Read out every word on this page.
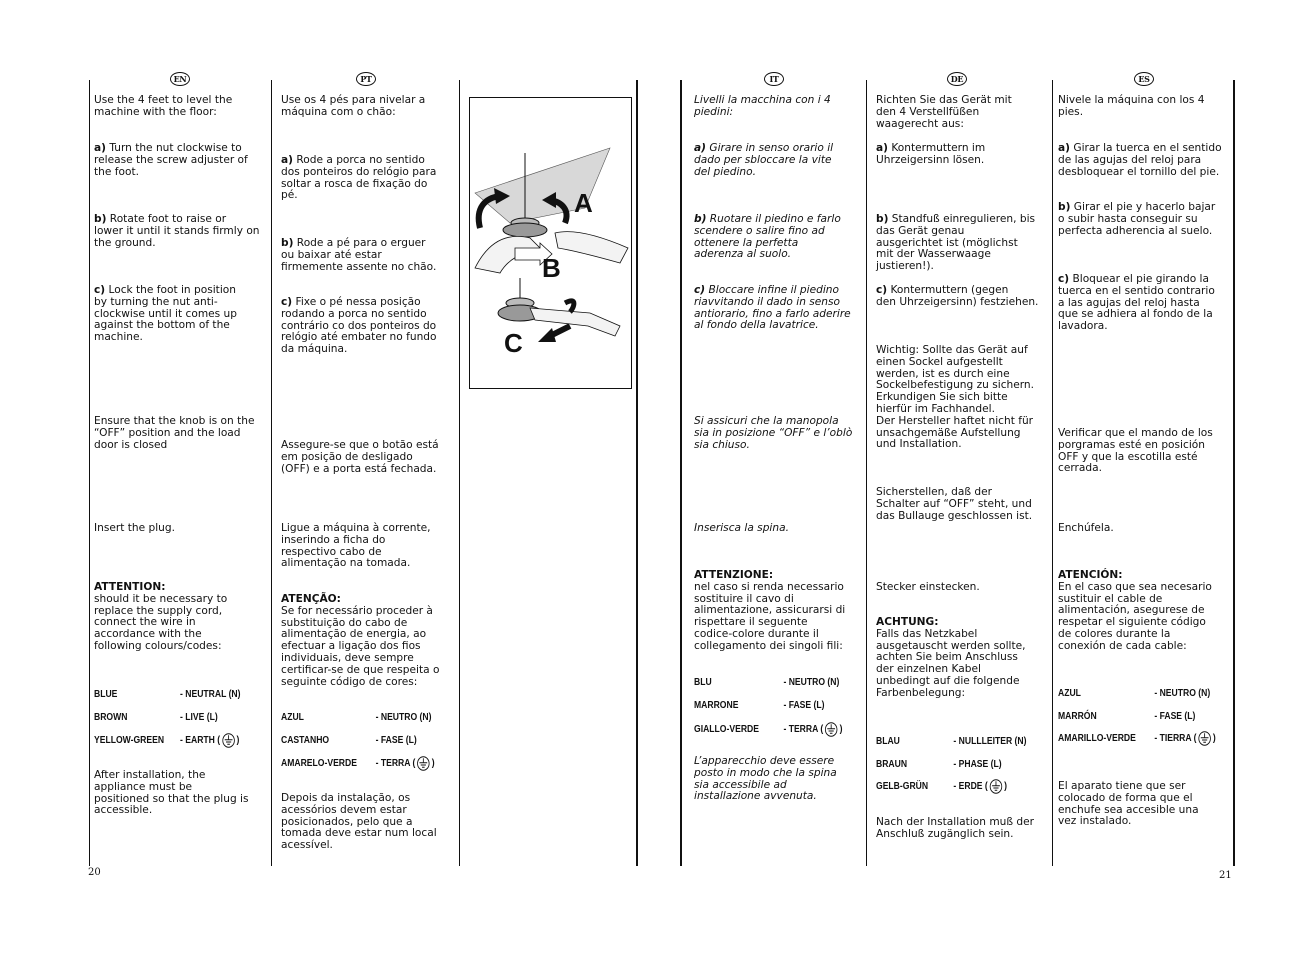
EN

Use the 4 feet to level the
machine with the floor:

a) Turn the nut clockwise to
release the screw adjuster of
the foot.

b) Rotate foot to raise or
lower it until it stands firmly on
the ground.

c) Lock the foot in position
by turning the nut anti-
clockwise until it comes up
against the bottom of the
machine.

Ensure that the knob is on the
“OFF” position and the load
door is closed

Insert the plug.

ATTENTION:
should it be necessary to
replace the supply cord,
connect the wire in
accordance with the
following colours/codes:

BLUE	- NEUTRAL (N)
BROWN	- LIVE (L)
YELLOW-GREEN - EARTH ( )

After installation, the
appliance must be
positioned so that the plug is
accessible.

PT

Use os 4 pés para nivelar a
máquina com o chão:

a) Rode a porca no sentido
dos ponteiros do relógio para
soltar a rosca de fixação do
pé.

b) Rode a pé para o erguer
ou baixar até estar
firmemente assente no chão.

c) Fixe o pé nessa posição
rodando a porca no sentido
contrário co dos ponteiros do
relógio até embater no fundo
da máquina.

Assegure-se que o botão está
em posição de desligado
(OFF) e a porta está fechada.

Ligue a máquina à corrente,
inserindo a ficha do
respectivo cabo de
alimentação na tomada.

ATENÇÃO:
Se for necessário proceder à
substituição do cabo de
alimentação de energia, ao
efectuar a ligação dos fios
individuais, deve sempre
certificar-se de que respeita o
seguinte código de cores:

AZUL	- NEUTRO (N)
CASTANHO	- FASE (L)
AMARELO-VERDE - TERRA ( )

Depois da instalação, os
acessórios devem estar
posicionados, pelo que a
tomada deve estar num local
acessível.

A
B
C
IT

Livelli la macchina con i 4
piedini:

a) Girare in senso orario il
dado per sbloccare la vite
del piedino.

b) Ruotare il piedino e farlo
scendere o salire fino ad
ottenere la perfetta
aderenza al suolo.

c) Bloccare infine il piedino
riavvitando il dado in senso
antiorario, fino a farlo aderire
al fondo della lavatrice.

Si assicuri che la manopola
sia in posizione “OFF” e l’oblò
sia chiuso.

Inserisca la spina.

ATTENZIONE:
nel caso si renda necessario
sostituire il cavo di
alimentazione, assicurarsi di
rispettare il seguente
codice-colore durante il
collegamento dei singoli fili:

BLU	- NEUTRO (N)
MARRONE	- FASE (L)
GIALLO-VERDE - TERRA ( )

L’apparecchio deve essere
posto in modo che la spina
sia accessibile ad
installazione avvenuta.

DE

Richten Sie das Gerät mit
den 4 Verstellfüßen
waagerecht aus:

a) Kontermuttern im
Uhrzeigersinn lösen.

b) Standfuß einregulieren, bis
das Gerät genau
ausgerichtet ist (möglichst
mit der Wasserwaage
justieren!).

c) Kontermuttern (gegen
den Uhrzeigersinn) festziehen.

Wichtig: Sollte das Gerät auf
einen Sockel aufgestellt
werden, ist es durch eine
Sockelbefestigung zu sichern.
Erkundigen Sie sich bitte
hierfür im Fachhandel.
Der Hersteller haftet nicht für
unsachgemäße Aufstellung
und Installation.

Sicherstellen, daß der
Schalter auf “OFF” steht, und
das Bullauge geschlossen ist.

Stecker einstecken.

ACHTUNG:
Falls das Netzkabel
ausgetauscht werden sollte,
achten Sie beim Anschluss
der einzelnen Kabel
unbedingt auf die folgende
Farbenbelegung:

BLAU	- NULLLEITER (N)
BRAUN	- PHASE (L)
GELB-GRÜN	- ERDE ( )

Nach der Installation muß der
Anschluß zugänglich sein.

ES

Nivele la máquina con los 4
pies.

a) Girar la tuerca en el sentido
de las agujas del reloj para
desbloquear el tornillo del pie.

b) Girar el pie y hacerlo bajar
o subir hasta conseguir su
perfecta adherencia al suelo.

c) Bloquear el pie girando la
tuerca en el sentido contrario
a las agujas del reloj hasta
que se adhiera al fondo de la
lavadora.

Verificar que el mando de los
porgramas esté en posición
OFF y que la escotilla esté
cerrada.

Enchúfela.

ATENCIÓN:
En el caso que sea necesario
sustituir el cable de
alimentación, asegurese de
respetar el siguiente código
de colores durante la
conexión de cada cable:

AZUL	- NEUTRO (N)
MARRÓN	- FASE (L)
AMARILLO-VERDE - TIERRA ( )

El aparato tiene que ser
colocado de forma que el
enchufe sea accesible una
vez instalado.

20	21
